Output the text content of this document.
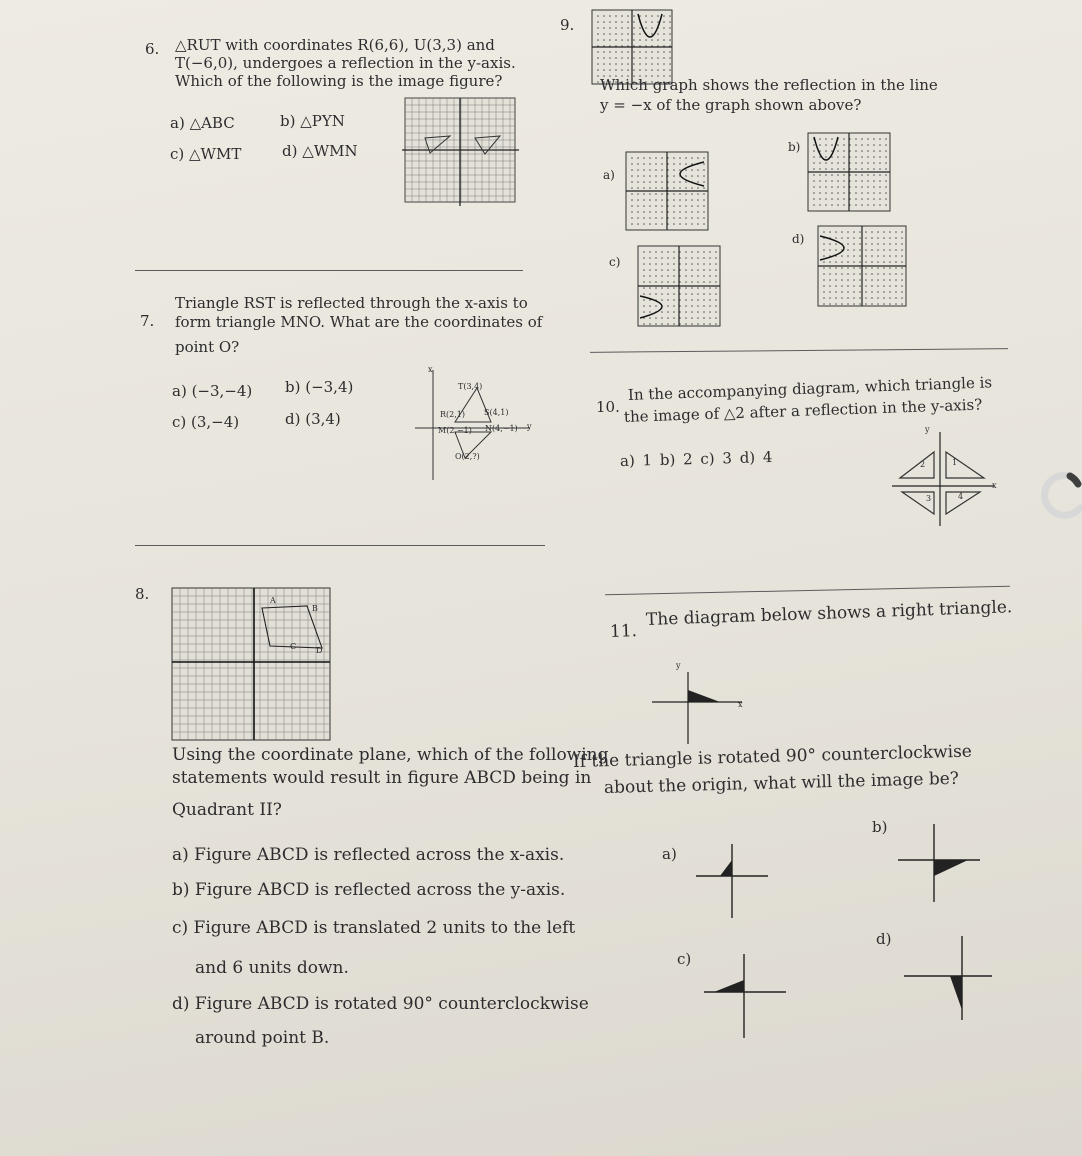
6. △RUT with coordinates R(6,6), U(3,3) and
T(−6,0), undergoes a reflection in the y-axis.
Which of the following is the image figure?
a) △ABC	b) △PYN
c) △WMT	d) △WMN
7.
Triangle RST is reflected through the x-axis to
form triangle MNO. What are the coordinates of
point O?
a) (−3,−4) b) (−3,4)
c) (3,−4)	d) (3,4)
x
y
T(3,4)
R(2,1) S(4,1)
M(2,−1) N(4,−1)
O(2,?)
8.	A
B
C D
Using the coordinate plane, which of the following
statements would result in figure ABCD being in
Quadrant II?
a) Figure ABCD is reflected across the x-axis.
b) Figure ABCD is reflected across the y-axis.
c) Figure ABCD is translated 2 units to the left
and 6 units down.
d) Figure ABCD is rotated 90° counterclockwise
around point B.
9.
Which graph shows the reflection in the line
y = −x of the graph shown above?
a)
b)
c)
d)
10.
In the accompanying diagram, which triangle is
the image of △2 after a reflection in the y-axis?
a) 1 b) 2 c) 3 d) 4
y
x
2	1
3	4
11.
The diagram below shows a right triangle.
y
x
If the triangle is rotated 90° counterclockwise
about the origin, what will the image be?
a)
b)
c)
d)
